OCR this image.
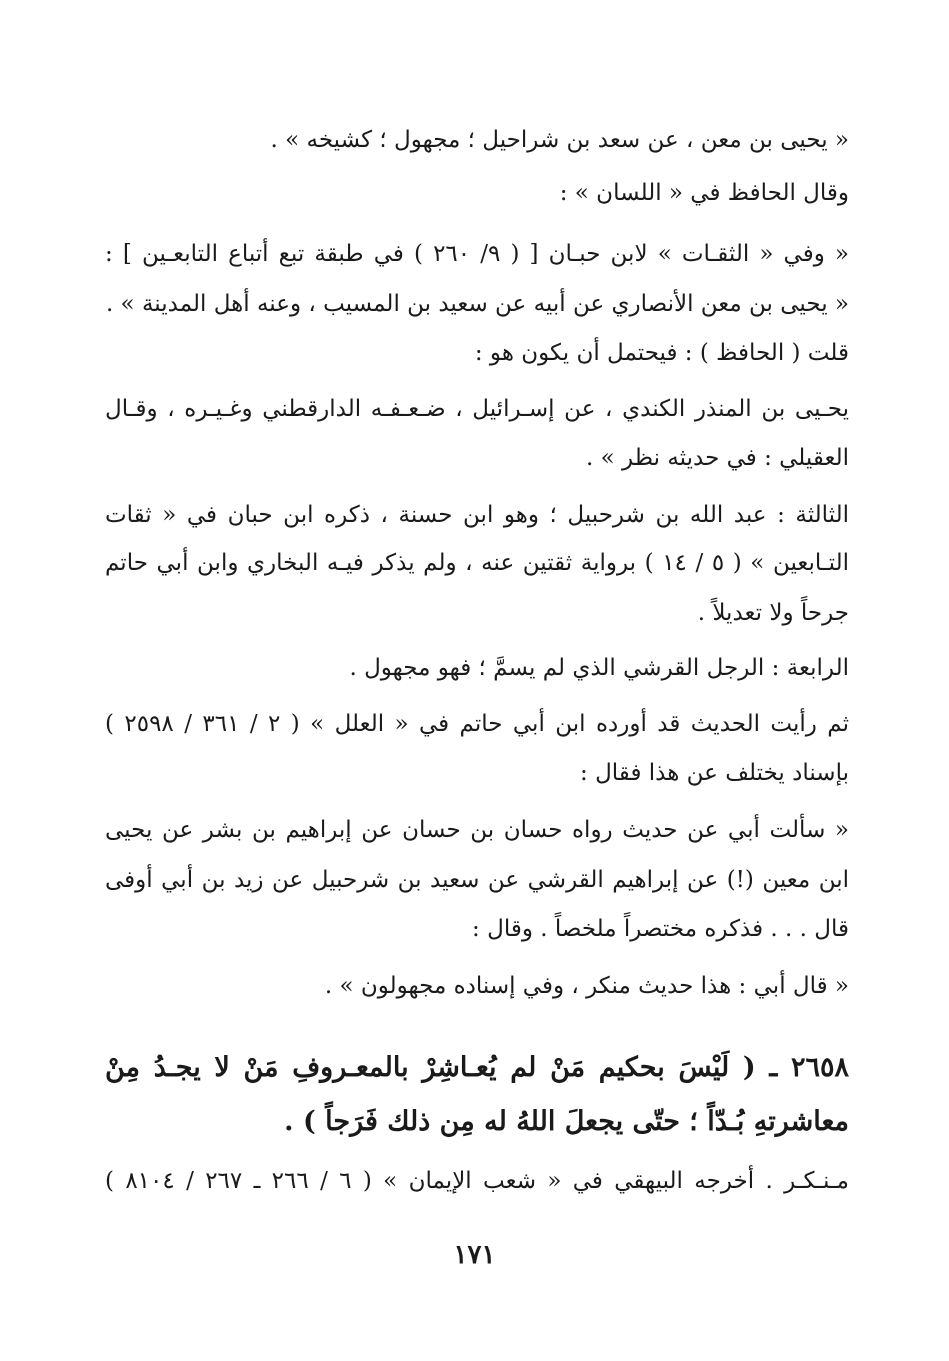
« يحيى بن معن ، عن سعد بن شراحيل ؛ مجهول ؛ كشيخه » .
وقال الحافظ في « اللسان » :
« وفي « الثقـات » لابن حبـان [ ( ٩/ ٢٦٠ ) في طبقة تبع أتباع التابعـين ] :
« يحيى بن معن الأنصاري عن أبيه عن سعيد بن المسيب ، وعنه أهل المدينة » .
قلت ( الحافظ ) : فيحتمل أن يكون هو :
يحـيى بن المنذر الكندي ، عن إسـرائيل ، ضـعـفـه الدارقطني وغـيـره ، وقـال
العقيلي : في حديثه نظر » .
الثالثة : عبد الله بن شرحبيل ؛ وهو ابن حسنة ، ذكره ابن حبان في « ثقات
التـابعين » ( ٥ / ١٤ ) برواية ثقتين عنه ، ولم يذكر فيـه البخاري وابن أبي حاتم
جرحاً ولا تعديلاً .
الرابعة : الرجل القرشي الذي لم يسمَّ ؛ فهو مجهول .
ثم رأيت الحديث قد أورده ابن أبي حاتم في « العلل » ( ٢ / ٣٦١ / ٢٥٩٨ )
بإسناد يختلف عن هذا فقال :
« سألت أبي عن حديث رواه حسان بن حسان عن إبراهيم بن بشر عن يحيى
ابن معين (!) عن إبراهيم القرشي عن سعيد بن شرحبيل عن زيد بن أبي أوفى
قال . . . فذكره مختصراً ملخصاً . وقال :
« قال أبي : هذا حديث منكر ، وفي إسناده مجهولون » .
٢٦٥٨ ـ ( لَيْسَ بحكيم مَنْ لم يُعـاشِرْ بالمعـروفِ مَنْ لا يجـدُ مِنْ
معاشرتهِ بُـدّاً ؛ حتّى يجعلَ اللهُ له مِن ذلك فَرَجاً ) .
مـنـكـر . أخرجه البيهقي في « شعب الإيمان » ( ٦ / ٢٦٦ ـ ٢٦٧ / ٨١٠٤ )
١٧١
